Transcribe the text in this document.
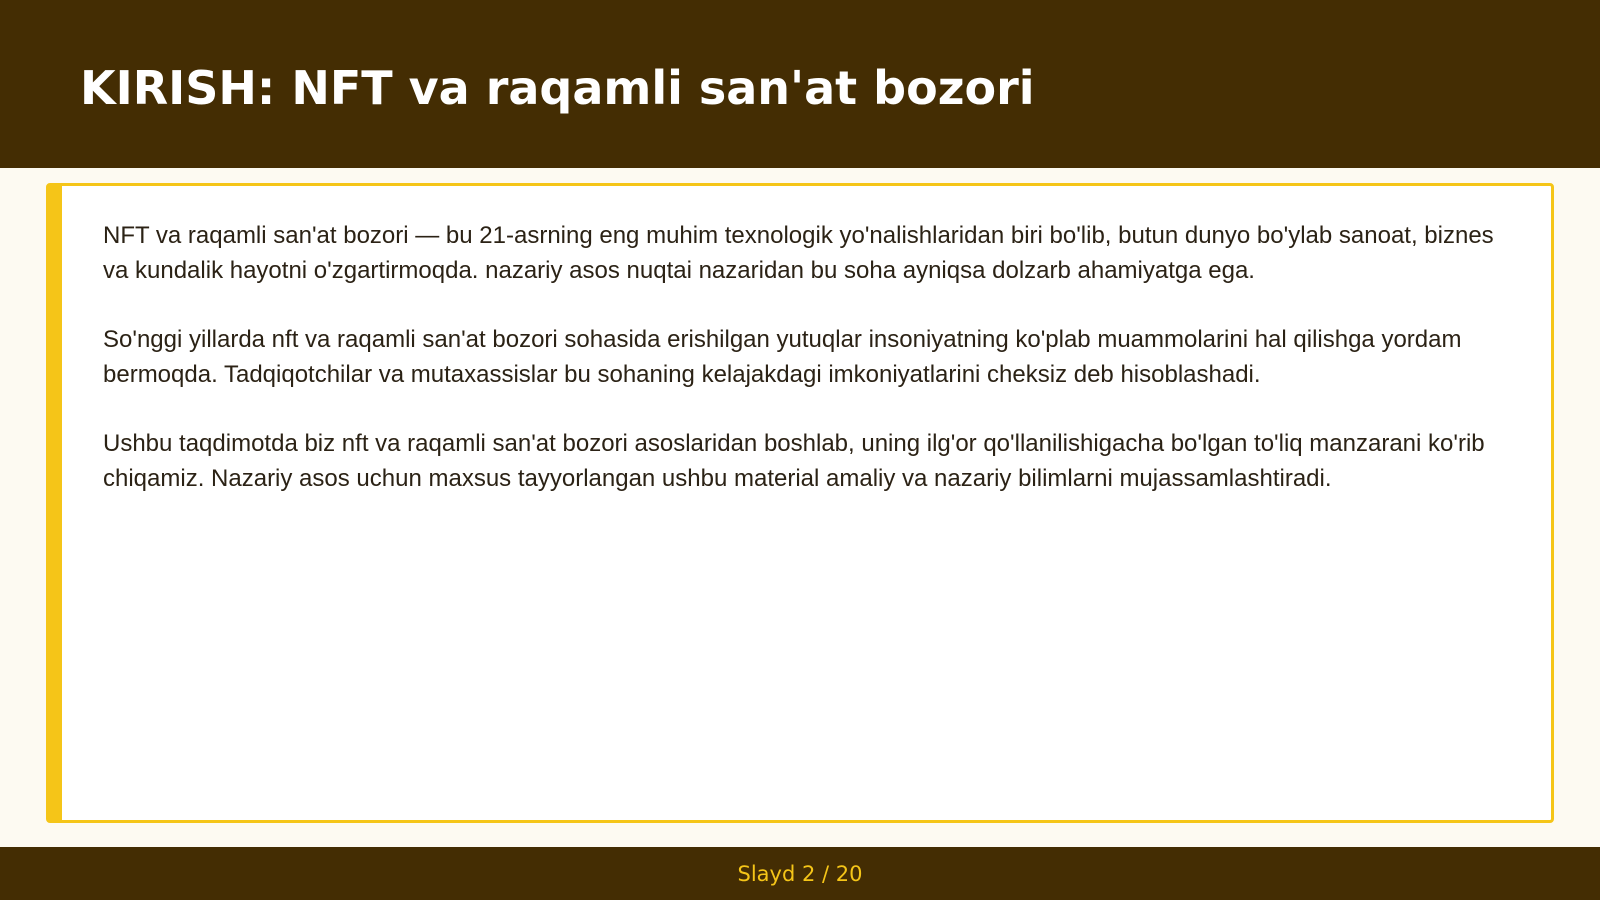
KIRISH: NFT va raqamli san'at bozori

NFT va raqamli san'at bozori — bu 21-asrning eng muhim texnologik yo'nalishlaridan biri bo'lib, butun dunyo bo'ylab sanoat, biznes va kundalik hayotni o'zgartirmoqda. nazariy asos nuqtai nazaridan bu soha ayniqsa dolzarb ahamiyatga ega.

So'nggi yillarda nft va raqamli san'at bozori sohasida erishilgan yutuqlar insoniyatning ko'plab muammolarini hal qilishga yordam bermoqda. Tadqiqotchilar va mutaxassislar bu sohaning kelajakdagi imkoniyatlarini cheksiz deb hisoblashadi.

Ushbu taqdimotda biz nft va raqamli san'at bozori asoslaridan boshlab, uning ilg'or qo'llanilishigacha bo'lgan to'liq manzarani ko'rib chiqamiz. Nazariy asos uchun maxsus tayyorlangan ushbu material amaliy va nazariy bilimlarni mujassamlashtiradi.

Slayd 2 / 20
